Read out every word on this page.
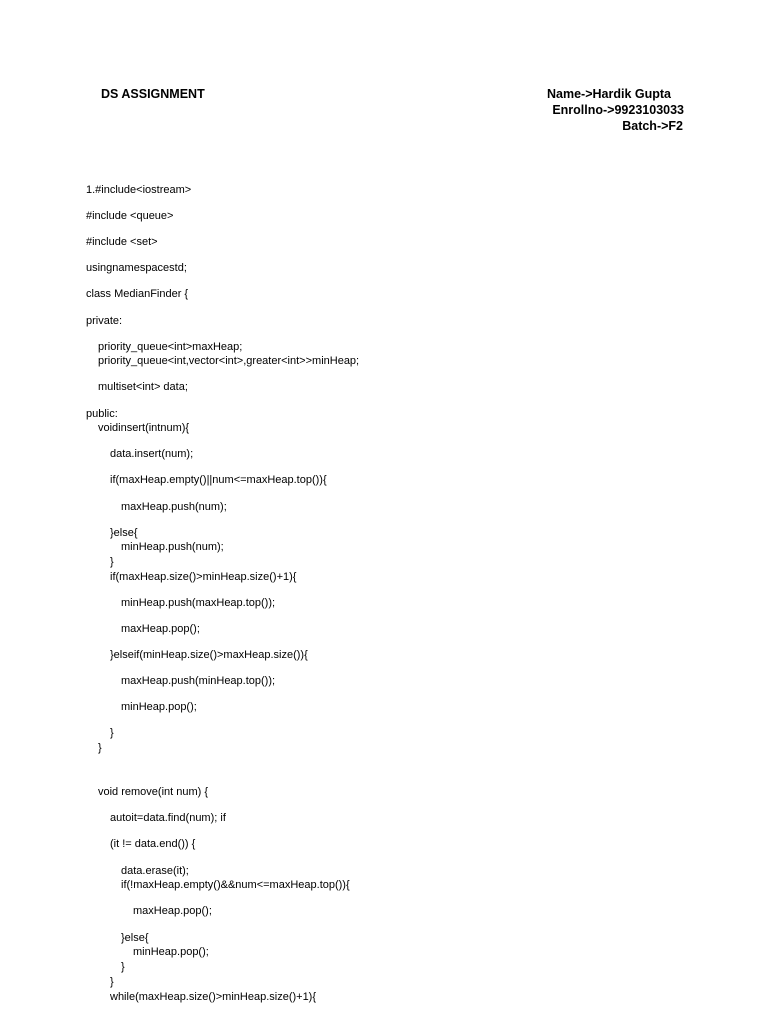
DS ASSIGNMENT	Name->Hardik Gupta
Enrollno->9923103033
Batch->F2
1.#include<iostream>
#include <queue>
#include <set>
usingnamespacestd;
class MedianFinder {
private:
priority_queue<int>maxHeap;
priority_queue<int,vector<int>,greater<int>>minHeap;
multiset<int> data;
public:
voidinsert(intnum){
data.insert(num);
if(maxHeap.empty()||num<=maxHeap.top()){
maxHeap.push(num);
}else{
minHeap.push(num);
}
if(maxHeap.size()>minHeap.size()+1){
minHeap.push(maxHeap.top());
maxHeap.pop();
}elseif(minHeap.size()>maxHeap.size()){
maxHeap.push(minHeap.top());
minHeap.pop();
}
}
void remove(int num) {
autoit=data.find(num); if
(it != data.end()) {
data.erase(it);
if(!maxHeap.empty()&&num<=maxHeap.top()){
maxHeap.pop();
}else{
minHeap.pop();
}
}
while(maxHeap.size()>minHeap.size()+1){
